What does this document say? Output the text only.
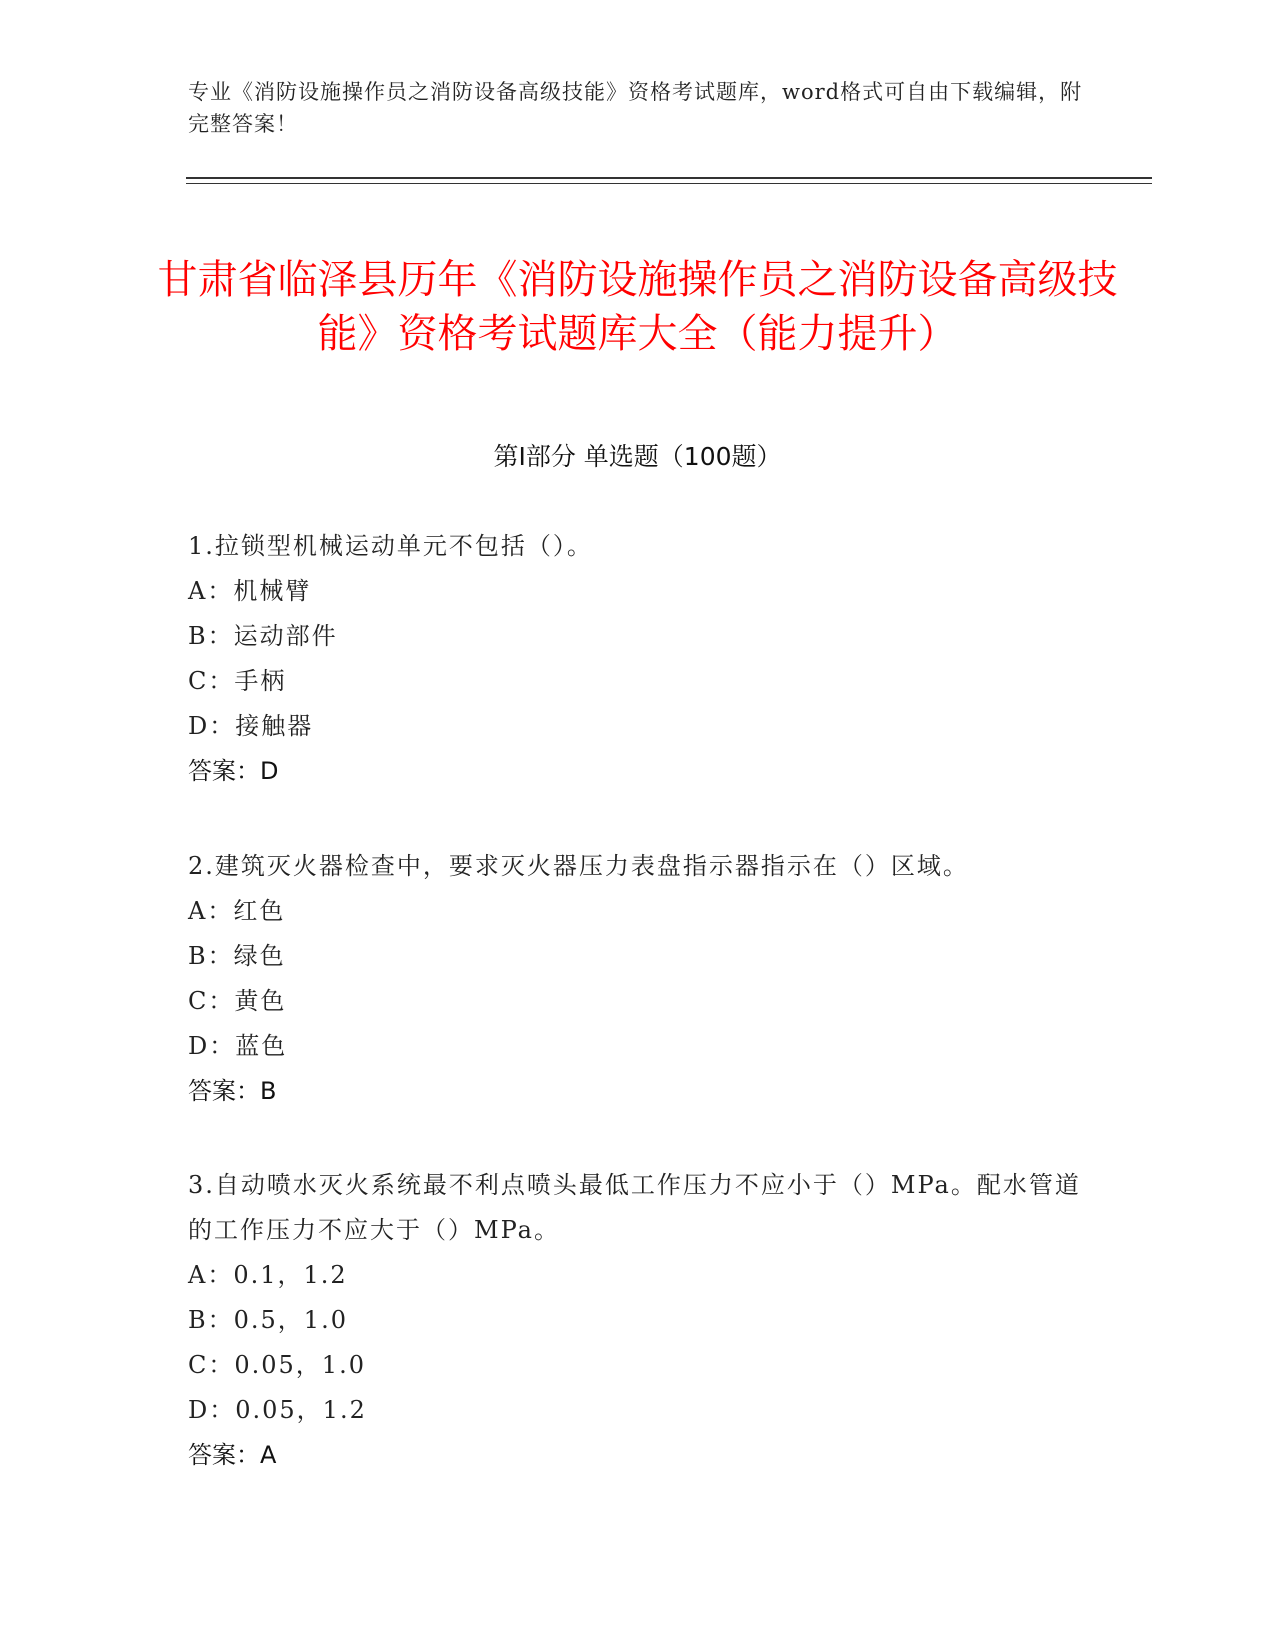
专业《消防设施操作员之消防设备高级技能》资格考试题库，word格式可自由下载编辑，附完整答案！
甘肃省临泽县历年《消防设施操作员之消防设备高级技能》资格考试题库大全（能力提升）
第Ⅰ部分 单选题（100题）

1.拉锁型机械运动单元不包括（）。

A：机械臂

B：运动部件

C：手柄

D：接触器

答案：D

2.建筑灭火器检查中，要求灭火器压力表盘指示器指示在（）区域。

A：红色

B：绿色

C：黄色

D：蓝色

答案：B

3.自动喷水灭火系统最不利点喷头最低工作压力不应小于（）MPa。配水管道的工作压力不应大于（）MPa。

A：0.1，1.2

B：0.5，1.0

C：0.05，1.0

D：0.05，1.2

答案：A
